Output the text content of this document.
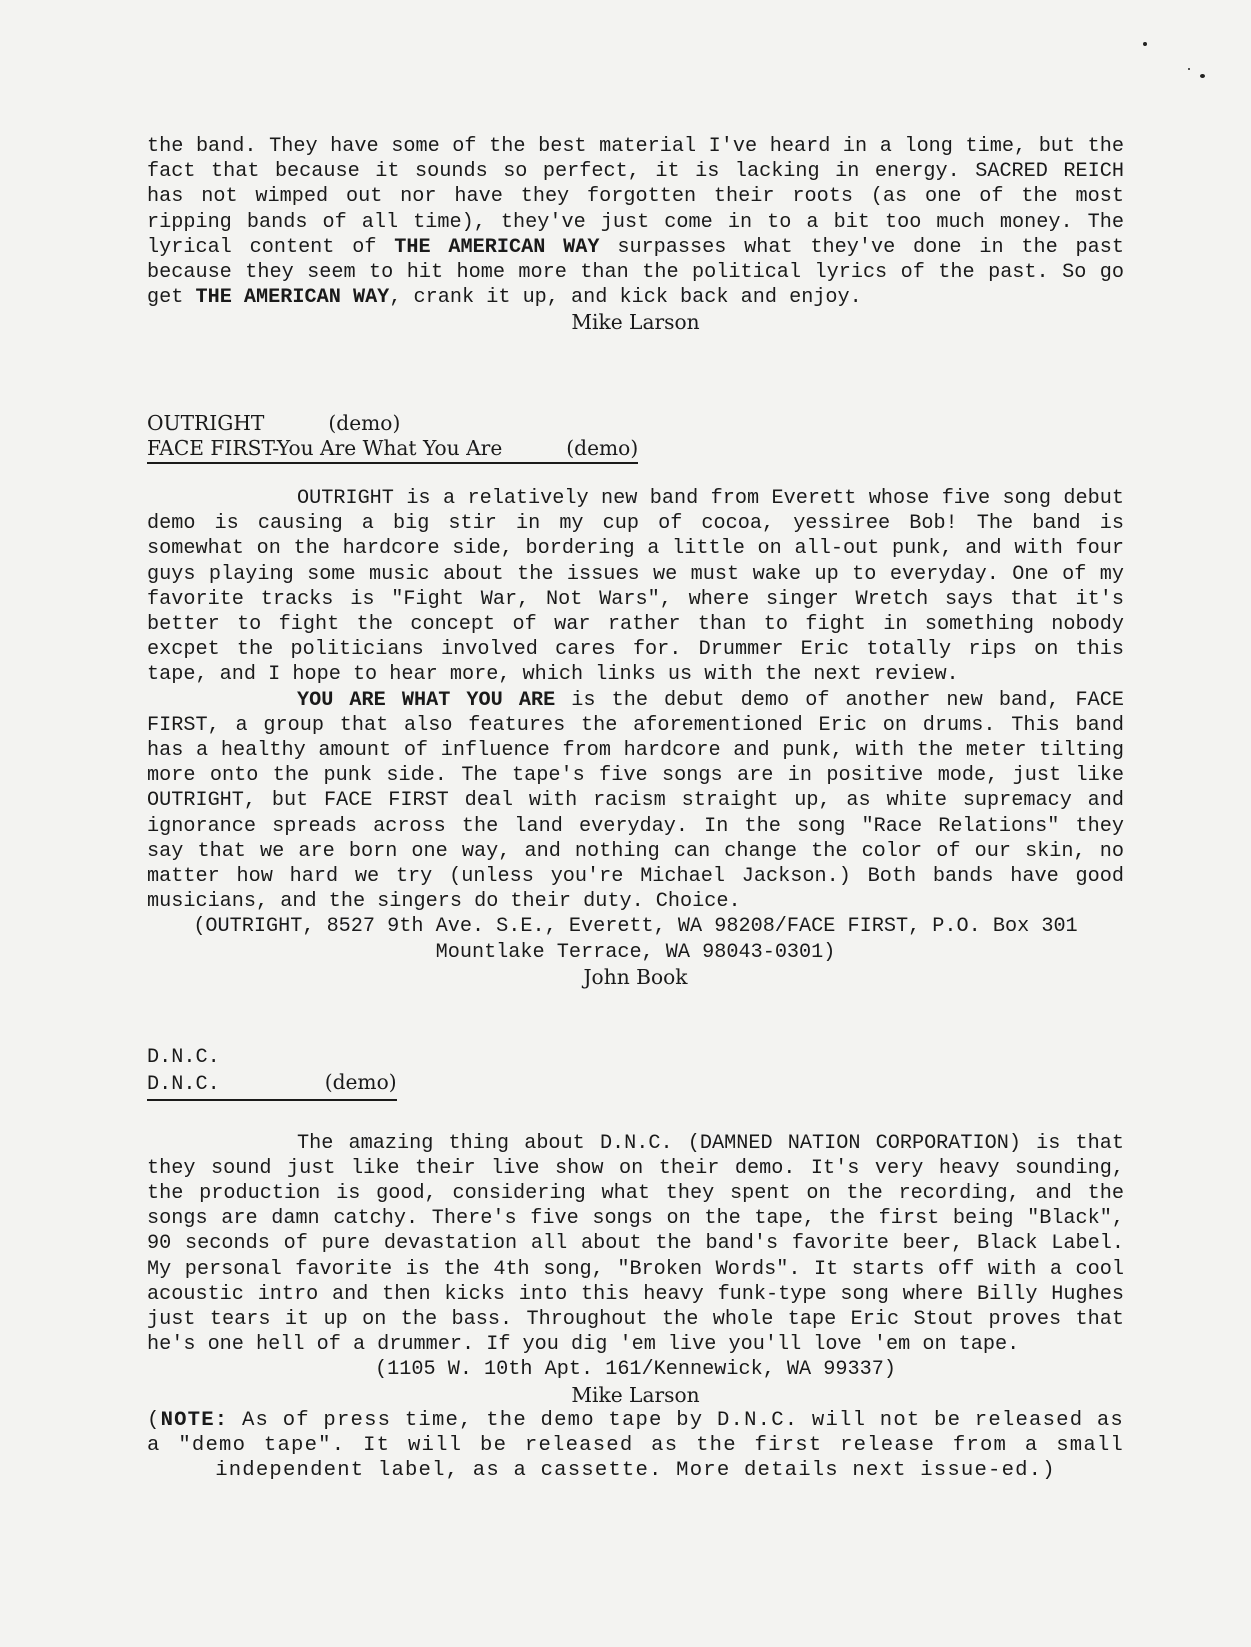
the band. They have some of the best material I've heard in a long time, but the fact that because it sounds so perfect, it is lacking in energy. SACRED REICH has not wimped out nor have they forgotten their roots (as one of the most ripping bands of all time), they've just come in to a bit too much money. The lyrical content of THE AMERICAN WAY surpasses what they've done in the past because they seem to hit home more than the political lyrics of the past. So go get THE AMERICAN WAY, crank it up, and kick back and enjoy.

Mike Larson

OUTRIGHT	(demo)
FACE FIRST-You Are What You Are	(demo)

OUTRIGHT is a relatively new band from Everett whose five song debut demo is causing a big stir in my cup of cocoa, yessiree Bob! The band is somewhat on the hardcore side, bordering a little on all-out punk, and with four guys playing some music about the issues we must wake up to everyday. One of my favorite tracks is "Fight War, Not Wars", where singer Wretch says that it's better to fight the concept of war rather than to fight in something nobody excpet the politicians involved cares for. Drummer Eric totally rips on this tape, and I hope to hear more, which links us with the next review.

YOU ARE WHAT YOU ARE is the debut demo of another new band, FACE FIRST, a group that also features the aforementioned Eric on drums. This band has a healthy amount of influence from hardcore and punk, with the meter tilting more onto the punk side. The tape's five songs are in positive mode, just like OUTRIGHT, but FACE FIRST deal with racism straight up, as white supremacy and ignorance spreads across the land everyday. In the song "Race Relations" they say that we are born one way, and nothing can change the color of our skin, no matter how hard we try (unless you're Michael Jackson.) Both bands have good musicians, and the singers do their duty. Choice.

(OUTRIGHT, 8527 9th Ave. S.E., Everett, WA 98208/FACE FIRST, P.O. Box 301

Mountlake Terrace, WA 98043-0301)

John Book

D.N.C.
D.N.C.	(demo)

The amazing thing about D.N.C. (DAMNED NATION CORPORATION) is that they sound just like their live show on their demo. It's very heavy sounding, the production is good, considering what they spent on the recording, and the songs are damn catchy. There's five songs on the tape, the first being "Black", 90 seconds of pure devastation all about the band's favorite beer, Black Label. My personal favorite is the 4th song, "Broken Words". It starts off with a cool acoustic intro and then kicks into this heavy funk-type song where Billy Hughes just tears it up on the bass. Throughout the whole tape Eric Stout proves that he's one hell of a drummer. If you dig 'em live you'll love 'em on tape.

(1105 W. 10th Apt. 161/Kennewick, WA 99337)

Mike Larson

(NOTE: As of press time, the demo tape by D.N.C. will not be released as a "demo tape". It will be released as the first release from a small independent label, as a cassette. More details next issue-ed.)
